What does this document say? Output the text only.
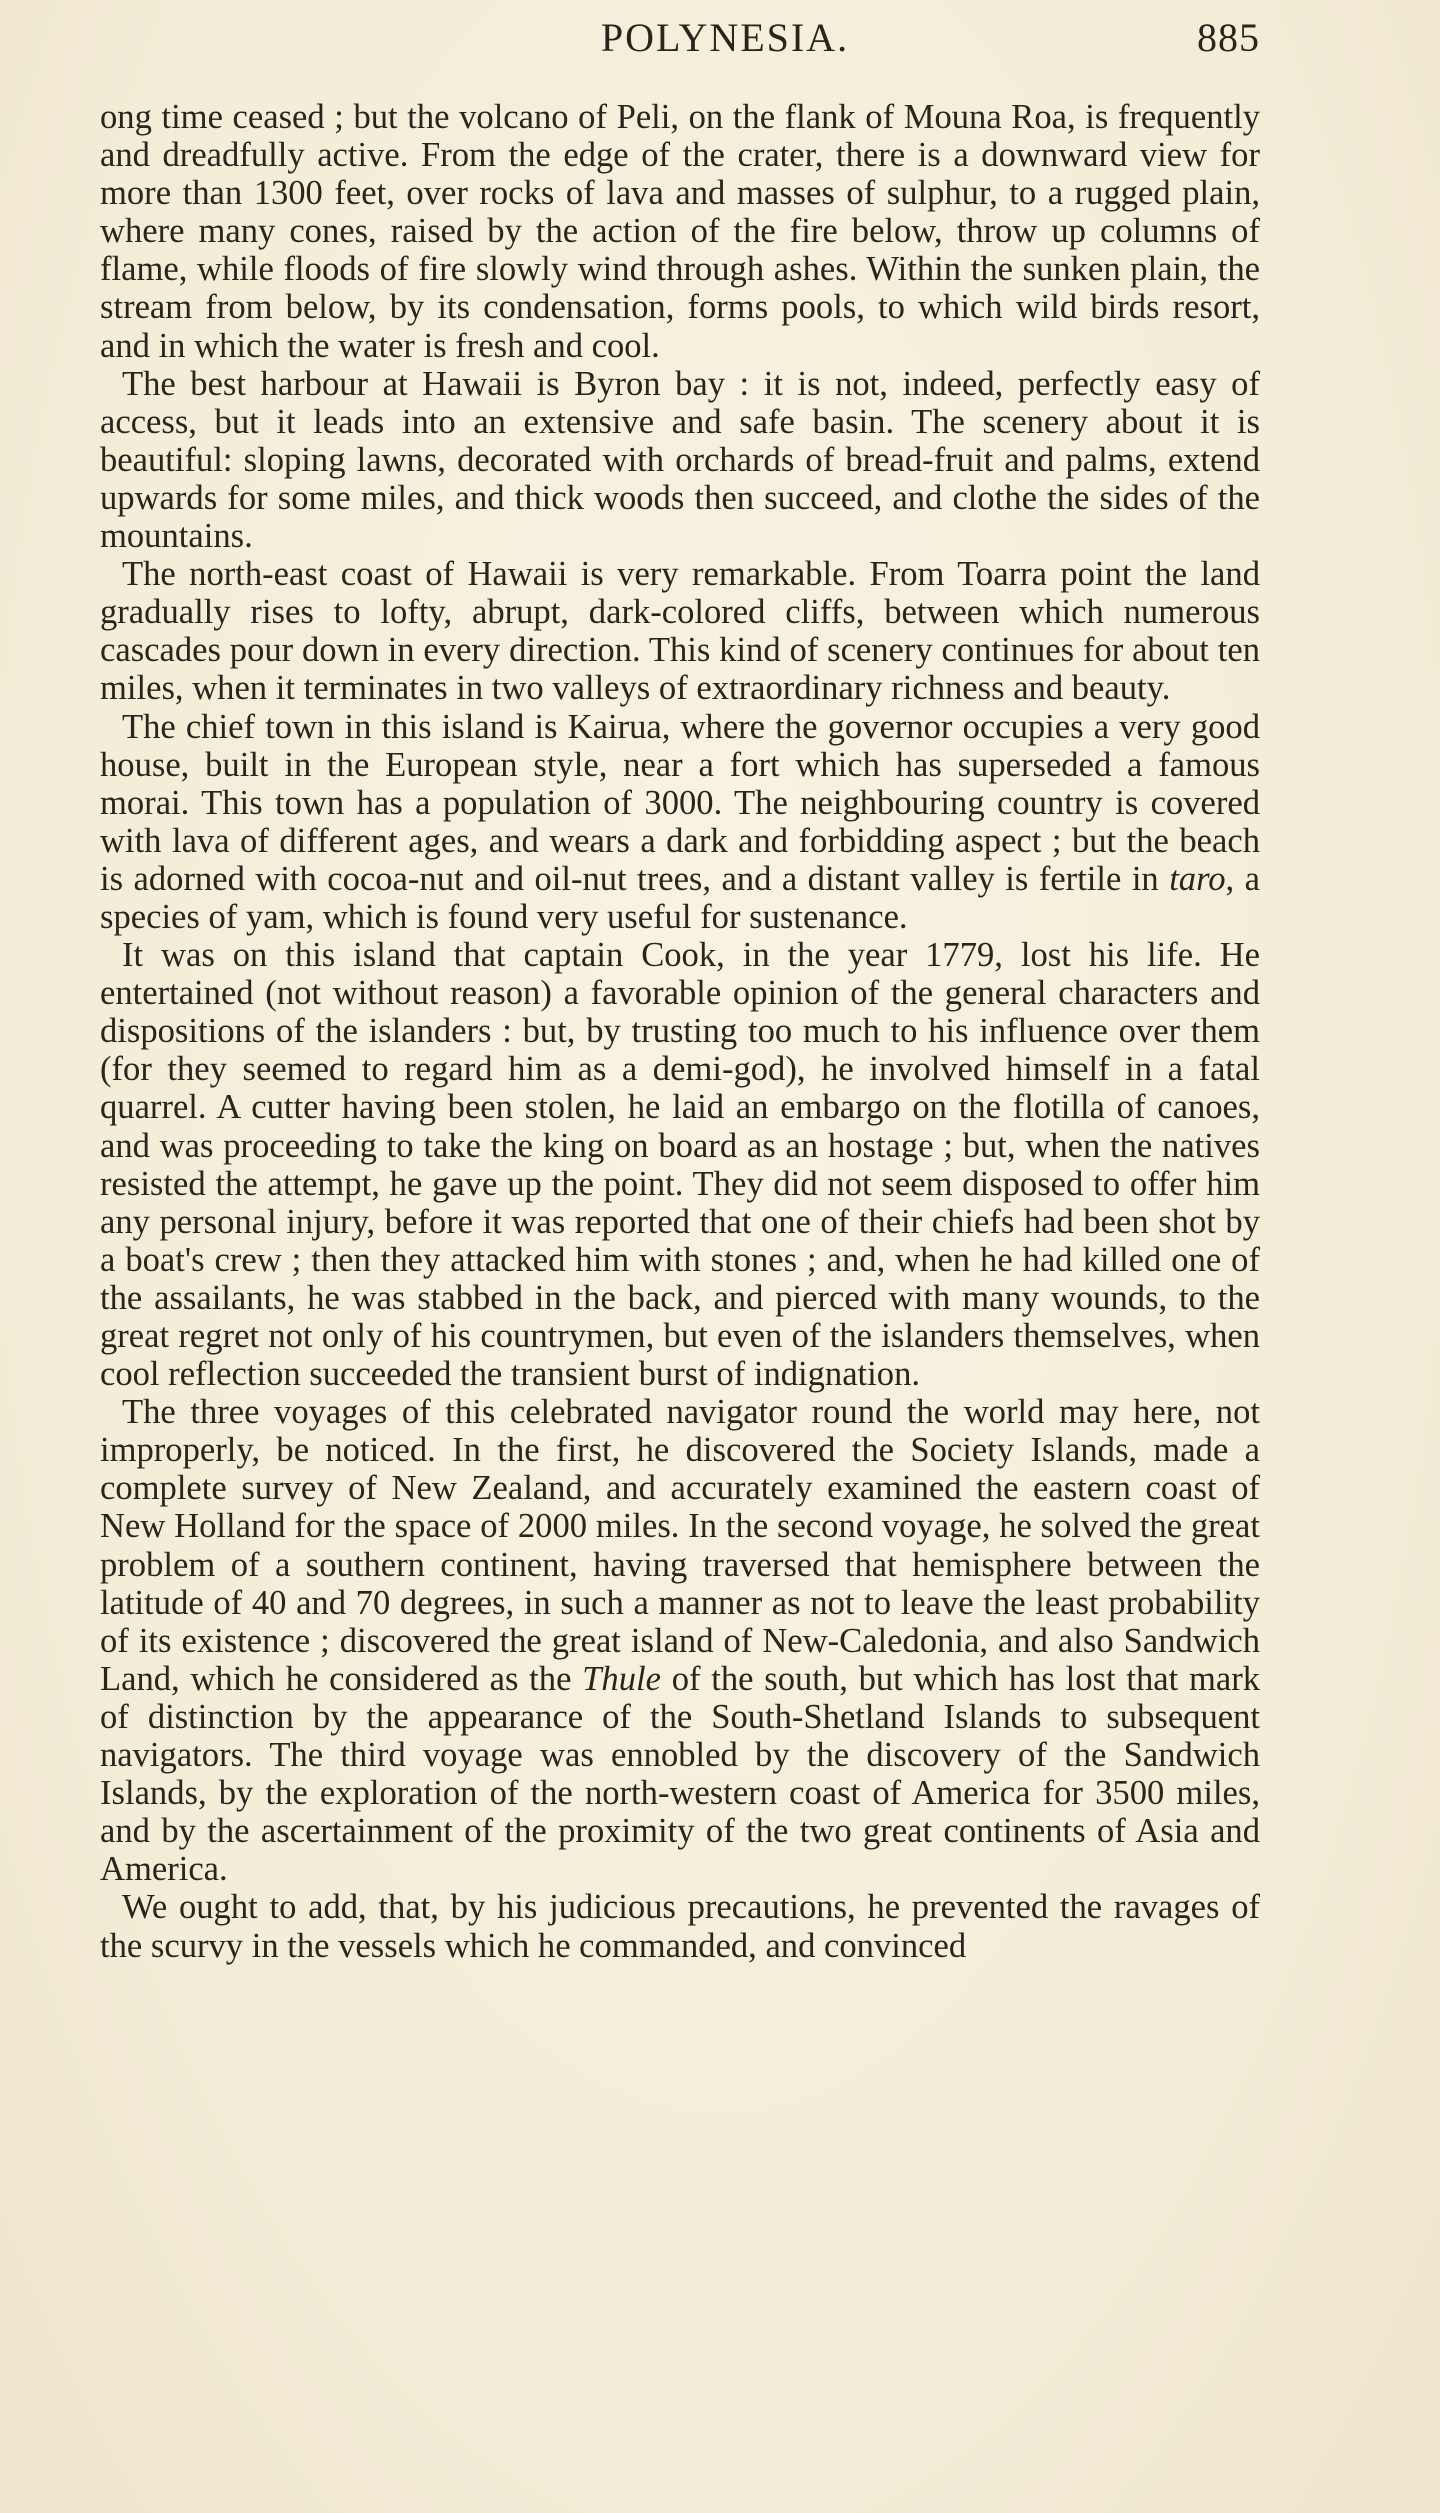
POLYNESIA.	885

ong time ceased ; but the volcano of Peli, on the flank of Mouna Roa, is frequently and dreadfully active. From the edge of the crater, there is a downward view for more than 1300 feet, over rocks of lava and masses of sulphur, to a rugged plain, where many cones, raised by the action of the fire below, throw up columns of flame, while floods of fire slowly wind through ashes. Within the sunken plain, the stream from below, by its condensation, forms pools, to which wild birds resort, and in which the water is fresh and cool.

The best harbour at Hawaii is Byron bay : it is not, indeed, perfectly easy of access, but it leads into an extensive and safe basin. The scenery about it is beautiful: sloping lawns, decorated with orchards of bread-fruit and palms, extend upwards for some miles, and thick woods then succeed, and clothe the sides of the mountains.

The north-east coast of Hawaii is very remarkable. From Toarra point the land gradually rises to lofty, abrupt, dark-colored cliffs, between which numerous cascades pour down in every direction. This kind of scenery continues for about ten miles, when it terminates in two valleys of extraordinary richness and beauty.

The chief town in this island is Kairua, where the governor occupies a very good house, built in the European style, near a fort which has superseded a famous morai. This town has a population of 3000. The neighbouring country is covered with lava of different ages, and wears a dark and forbidding aspect ; but the beach is adorned with cocoa-nut and oil-nut trees, and a distant valley is fertile in taro, a species of yam, which is found very useful for sustenance.

It was on this island that captain Cook, in the year 1779, lost his life. He entertained (not without reason) a favorable opinion of the general characters and dispositions of the islanders : but, by trusting too much to his influence over them (for they seemed to regard him as a demi-god), he involved himself in a fatal quarrel. A cutter having been stolen, he laid an embargo on the flotilla of canoes, and was proceeding to take the king on board as an hostage ; but, when the natives resisted the attempt, he gave up the point. They did not seem disposed to offer him any personal injury, before it was reported that one of their chiefs had been shot by a boat's crew ; then they attacked him with stones ; and, when he had killed one of the assailants, he was stabbed in the back, and pierced with many wounds, to the great regret not only of his countrymen, but even of the islanders themselves, when cool reflection succeeded the transient burst of indignation.

The three voyages of this celebrated navigator round the world may here, not improperly, be noticed. In the first, he discovered the Society Islands, made a complete survey of New Zealand, and accurately examined the eastern coast of New Holland for the space of 2000 miles. In the second voyage, he solved the great problem of a southern continent, having traversed that hemisphere between the latitude of 40 and 70 degrees, in such a manner as not to leave the least probability of its existence ; discovered the great island of New-Caledonia, and also Sandwich Land, which he considered as the Thule of the south, but which has lost that mark of distinction by the appearance of the South-Shetland Islands to subsequent navigators. The third voyage was ennobled by the discovery of the Sandwich Islands, by the exploration of the north-western coast of America for 3500 miles, and by the ascertainment of the proximity of the two great continents of Asia and America.

We ought to add, that, by his judicious precautions, he prevented the ravages of the scurvy in the vessels which he commanded, and convinced
